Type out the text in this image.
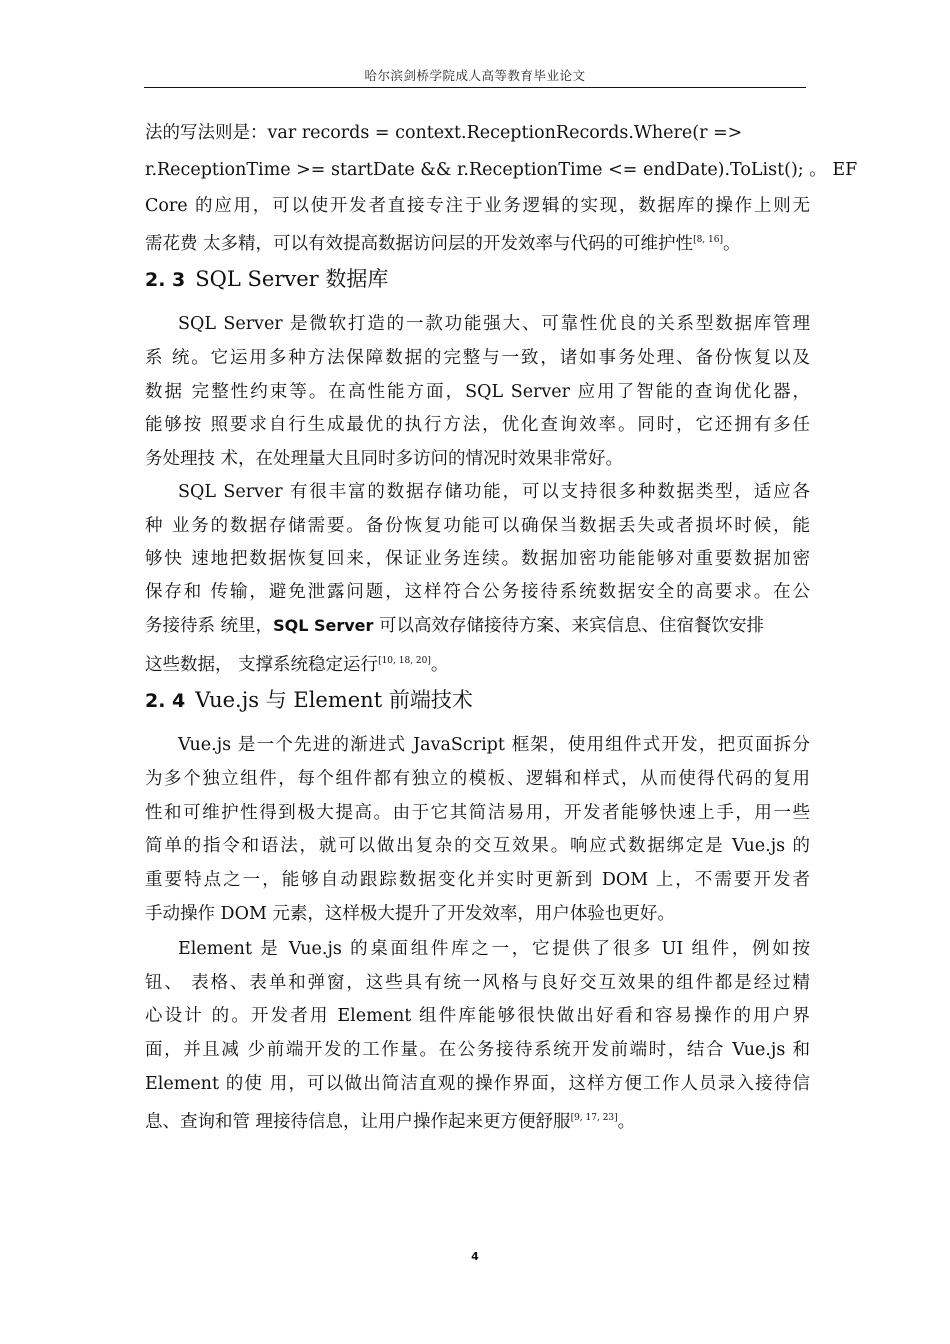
哈尔滨剑桥学院成人高等教育毕业论文
法的写法则是：var records = context.ReceptionRecords.Where(r =>
r.ReceptionTime >= startDate && r.ReceptionTime <= endDate).ToList(); 。 EF
Core 的应用，可以使开发者直接专注于业务逻辑的实现，数据库的操作上则无
需花费 太多精，可以有效提高数据访问层的开发效率与代码的可维护性[8, 16]。
2. 3 SQL Server 数据库
SQL Server 是微软打造的一款功能强大、可靠性优良的关系型数据库管理
系 统。它运用多种方法保障数据的完整与一致，诸如事务处理、备份恢复以及
数据 完整性约束等。在高性能方面，SQL Server 应用了智能的查询优化器，
能够按 照要求自行生成最优的执行方法，优化查询效率。同时，它还拥有多任
务处理技 术，在处理量大且同时多访问的情况时效果非常好。
SQL Server 有很丰富的数据存储功能，可以支持很多种数据类型，适应各
种 业务的数据存储需要。备份恢复功能可以确保当数据丢失或者损坏时候，能
够快 速地把数据恢复回来，保证业务连续。数据加密功能能够对重要数据加密
保存和 传输，避免泄露问题，这样符合公务接待系统数据安全的高要求。在公
务接待系 统里，SQL Server 可以高效存储接待方案、来宾信息、住宿餐饮安排
这些数据， 支撑系统稳定运行[10, 18, 20]。
2. 4 Vue.js 与 Element 前端技术
Vue.js 是一个先进的渐进式 JavaScript 框架，使用组件式开发，把页面拆分
为多个独立组件，每个组件都有独立的模板、逻辑和样式，从而使得代码的复用
性和可维护性得到极大提高。由于它其简洁易用，开发者能够快速上手，用一些
简单的指令和语法，就可以做出复杂的交互效果。响应式数据绑定是 Vue.js 的
重要特点之一，能够自动跟踪数据变化并实时更新到 DOM 上，不需要开发者
手动操作 DOM 元素，这样极大提升了开发效率，用户体验也更好。
Element 是 Vue.js 的桌面组件库之一，它提供了很多 UI 组件，例如按
钮、 表格、表单和弹窗，这些具有统一风格与良好交互效果的组件都是经过精
心设计 的。开发者用 Element 组件库能够很快做出好看和容易操作的用户界
面，并且减 少前端开发的工作量。在公务接待系统开发前端时，结合 Vue.js 和
Element 的使 用，可以做出简洁直观的操作界面，这样方便工作人员录入接待信
息、查询和管 理接待信息，让用户操作起来更方便舒服[9, 17, 23]。
4
